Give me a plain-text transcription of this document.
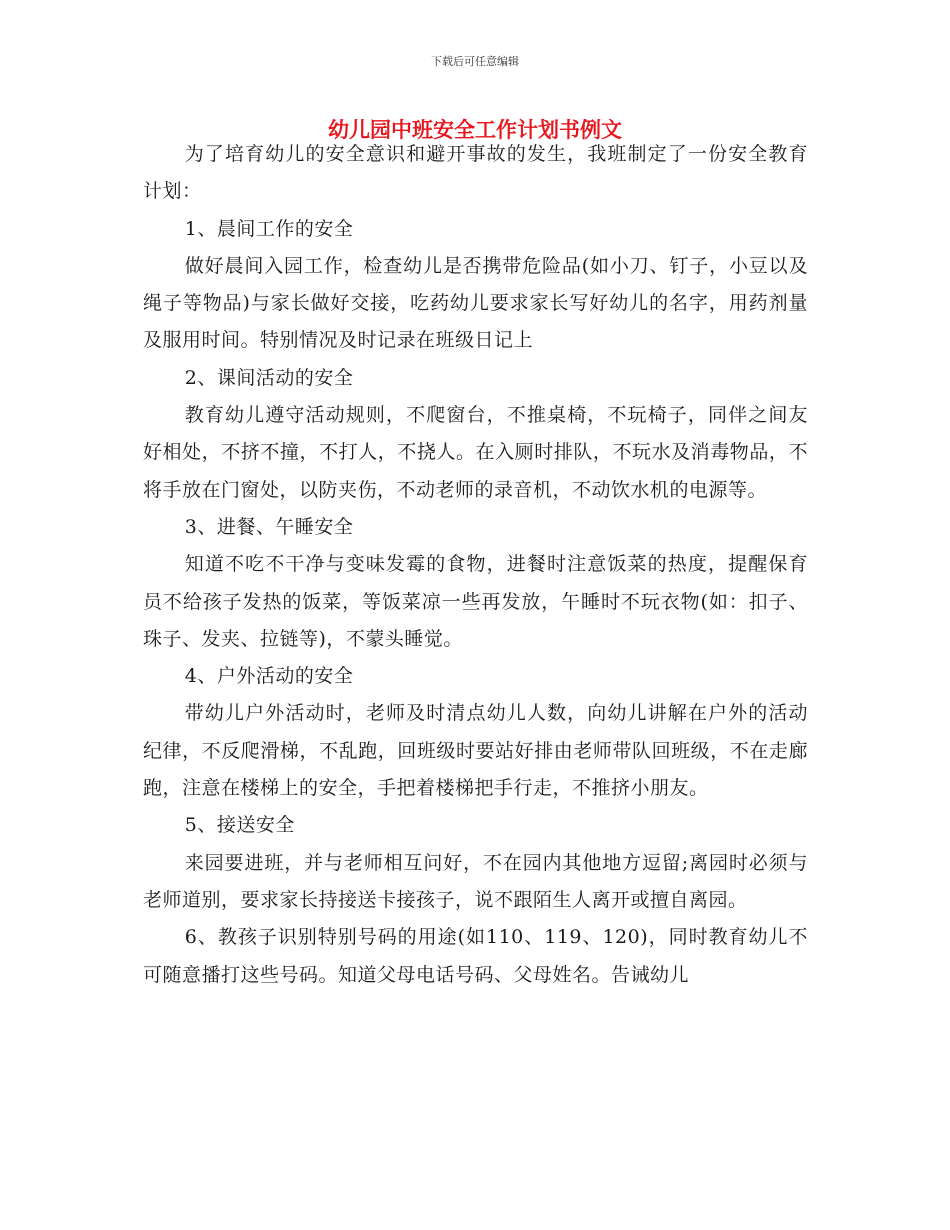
下载后可任意编辑
幼儿园中班安全工作计划书例文

为了培育幼儿的安全意识和避开事故的发生，我班制定了一份安全教育计划：

1、晨间工作的安全

做好晨间入园工作，检查幼儿是否携带危险品(如小刀、钉子，小豆以及绳子等物品)与家长做好交接，吃药幼儿要求家长写好幼儿的名字，用药剂量及服用时间。特别情况及时记录在班级日记上

2、课间活动的安全

教育幼儿遵守活动规则，不爬窗台，不推桌椅，不玩椅子，同伴之间友好相处，不挤不撞，不打人，不挠人。在入厕时排队，不玩水及消毒物品，不将手放在门窗处，以防夹伤，不动老师的录音机，不动饮水机的电源等。

3、进餐、午睡安全

知道不吃不干净与变味发霉的食物，进餐时注意饭菜的热度，提醒保育员不给孩子发热的饭菜，等饭菜凉一些再发放，午睡时不玩衣物(如：扣子、珠子、发夹、拉链等)，不蒙头睡觉。

4、户外活动的安全

带幼儿户外活动时，老师及时清点幼儿人数，向幼儿讲解在户外的活动纪律，不反爬滑梯，不乱跑，回班级时要站好排由老师带队回班级，不在走廊跑，注意在楼梯上的安全，手把着楼梯把手行走，不推挤小朋友。

5、接送安全

来园要进班，并与老师相互问好，不在园内其他地方逗留;离园时必须与老师道别，要求家长持接送卡接孩子，说不跟陌生人离开或擅自离园。

6、教孩子识别特别号码的用途(如110、119、120)，同时教育幼儿不可随意播打这些号码。知道父母电话号码、父母姓名。告诫幼儿
